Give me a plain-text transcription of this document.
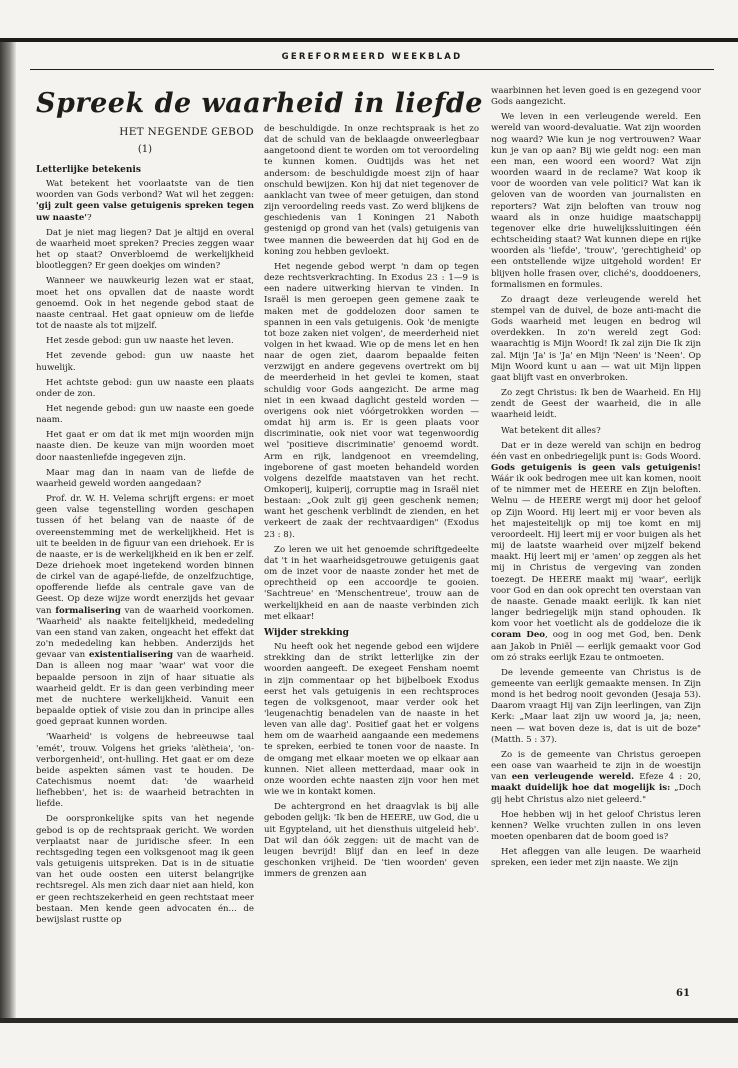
GEREFORMEERD WEEKBLAD
Spreek de waarheid in liefde
HET NEGENDE GEBOD
(1)
Letterlijke betekenis

Wat betekent het voorlaatste van de tien woorden van Gods verbond? Wat wil het zeggen: 'gij zult geen valse getuigenis spreken tegen uw naaste'?

Dat je niet mag liegen? Dat je altijd en overal de waarheid moet spreken? Precies zeggen waar het op staat? Onverbloemd de werkelijkheid blootleggen? Er geen doekjes om winden?

Wanneer we nauwkeurig lezen wat er staat, moet het ons opvallen dat de naaste wordt genoemd. Ook in het negende gebod staat de naaste centraal. Het gaat opnieuw om de liefde tot de naaste als tot mijzelf.

Het zesde gebod: gun uw naaste het leven.

Het zevende gebod: gun uw naaste het huwelijk.

Het achtste gebod: gun uw naaste een plaats onder de zon.

Het negende gebod: gun uw naaste een goede naam.

Het gaat er om dat ik met mijn woorden mijn naaste dien. De keuze van mijn woorden moet door naastenliefde ingegeven zijn.

Maar mag dan in naam van de liefde de waarheid geweld worden aangedaan?

Prof. dr. W. H. Velema schrijft ergens: er moet geen valse tegenstelling worden geschapen tussen óf het belang van de naaste óf de overeenstemming met de werkelijkheid. Het is uit te beelden in de figuur van een driehoek. Er is de naaste, er is de werkelijkheid en ik ben er zelf. Deze driehoek moet ingetekend worden binnen de cirkel van de agapé-liefde, de onzelfzuchtige, opofferende liefde als centrale gave van de Geest. Op deze wijze wordt enerzijds het gevaar van formalisering van de waarheid voorkomen. 'Waarheid' als naakte feitelijkheid, mededeling van een stand van zaken, ongeacht het effekt dat zo'n mededeling kan hebben. Anderzijds het gevaar van existentialisering van de waarheid. Dan is alleen nog maar 'waar' wat voor die bepaalde persoon in zijn of haar situatie als waarheid geldt. Er is dan geen verbinding meer met de nuchtere werkelijkheid. Vanuit een bepaalde optiek of visie zou dan in principe alles goed gepraat kunnen worden.

'Waarheid' is volgens de hebreeuwse taal 'emét', trouw. Volgens het grieks 'alètheia', 'on-verborgenheid', ont-hulling. Het gaat er om deze beide aspekten sámen vast te houden. De Catechismus noemt dat: 'de waarheid liefhebben', het is: de waarheid betrachten in liefde.

De oorspronkelijke spits van het negende gebod is op de rechtspraak gericht. We worden verplaatst naar de juridische sfeer. In een rechtsgeding tegen een volksgenoot mag ik geen vals getuigenis uitspreken. Dat is in de situatie van het oude oosten een uiterst belangrijke rechtsregel. Als men zich daar niet aan hield, kon er geen rechtszekerheid en geen rechtstaat meer bestaan. Men kende geen advocaten én... de bewijslast rustte op

de beschuldigde. In onze rechtspraak is het zo dat de schuld van de beklaagde onweerlegbaar aangetoond dient te worden om tot veroordeling te kunnen komen. Oudtijds was het net andersom: de beschuldigde moest zijn of haar onschuld bewijzen. Kon hij dat niet tegenover de aanklacht van twee of meer getuigen, dan stond zijn veroordeling reeds vast. Zo werd blijkens de geschiedenis van 1 Koningen 21 Naboth gestenigd op grond van het (vals) getuigenis van twee mannen die beweerden dat hij God en de koning zou hebben gevloekt.

Het negende gebod werpt 'n dam op tegen deze rechtsverkrachting. In Exodus 23 : 1—9 is een nadere uitwerking hiervan te vinden. In Israël is men geroepen geen gemene zaak te maken met de goddelozen door samen te spannen in een vals getuigenis. Ook 'de menigte tot boze zaken niet volgen', de meerderheid niet volgen in het kwaad. Wie op de mens let en hen naar de ogen ziet, daarom bepaalde feiten verzwijgt en andere gegevens overtrekt om bij de meerderheid in het gevlei te komen, staat schuldig voor Gods aangezicht. De arme mag niet in een kwaad daglicht gesteld worden — overigens ook niet vóórgetrokken worden — omdat hij arm is. Er is geen plaats voor discriminatie, ook niet voor wat tegenwoordig wel 'positieve discriminatie' genoemd wordt. Arm en rijk, landgenoot en vreemdeling, ingeborene of gast moeten behandeld worden volgens dezelfde maatstaven van het recht. Omkoperij, kuiperij, corruptie mag in Israël niet bestaan: „Ook zult gij geen geschenk nemen; want het geschenk verblindt de zienden, en het verkeert de zaak der rechtvaardigen" (Exodus 23 : 8).

Zo leren we uit het genoemde schriftgedeelte dat 't in het waarheidsgetrouwe getuigenis gaat om de inzet voor de naaste zonder het met de oprechtheid op een accoordje te gooien. 'Sachtreue' en 'Menschentreue', trouw aan de werkelijkheid en aan de naaste verbinden zich met elkaar!

Wijder strekking

Nu heeft ook het negende gebod een wijdere strekking dan de strikt letterlijke zin der woorden aangeeft. De exegeet Fensham noemt in zijn commentaar op het bijbelboek Exodus eerst het vals getuigenis in een rechtsproces tegen de volksgenoot, maar verder ook het 'leugenachtig benadelen van de naaste in het leven van alle dag'. Positief gaat het er volgens hem om de waarheid aangaande een medemens te spreken, eerbied te tonen voor de naaste. In de omgang met elkaar moeten we op elkaar aan kunnen. Niet alleen metterdaad, maar ook in onze woorden echte naasten zijn voor hen met wie we in kontakt komen.

De achtergrond en het draagvlak is bij alle geboden gelijk: 'Ik ben de HEERE, uw God, die u uit Egypteland, uit het diensthuis uitgeleid heb'. Dat wil dan óók zeggen: uit de macht van de leugen bevrijd! Blijf dan en leef in deze geschonken vrijheid. De 'tien woorden' geven immers de grenzen aan

waarbinnen het leven goed is en gezegend voor Gods aangezicht.

We leven in een verleugende wereld. Een wereld van woord-devaluatie. Wat zijn woorden nog waard? Wie kun je nog vertrouwen? Waar kun je van op aan? Bij wie geldt nog: een man een man, een woord een woord? Wat zijn woorden waard in de reclame? Wat koop ik voor de woorden van vele politici? Wat kan ik geloven van de woorden van journalisten en reporters? Wat zijn beloften van trouw nog waard als in onze huidige maatschappij tegenover elke drie huwelijkssluitingen één echtscheiding staat? Wat kunnen diepe en rijke woorden als 'liefde', 'trouw', 'gerechtigheid' op een ontstellende wijze uitgehold worden! Er blijven holle frasen over, cliché's, dooddoeners, formalismen en formules.

Zo draagt deze verleugende wereld het stempel van de duivel, de boze anti-macht die Gods waarheid met leugen en bedrog wil overdekken. In zo'n wereld zegt God: waarachtig is Mijn Woord! Ik zal zijn Die Ik zijn zal. Mijn 'Ja' is 'Ja' en Mijn 'Neen' is 'Neen'. Op Mijn Woord kunt u aan — wat uit Mijn lippen gaat blijft vast en onverbroken.

Zo zegt Christus: Ik ben de Waarheid. En Hij zendt de Geest der waarheid, die in alle waarheid leidt.

Wat betekent dit alles?

Dat er in deze wereld van schijn en bedrog één vast en onbedriegelijk punt is: Gods Woord. Gods getuigenis is geen vals getuigenis! Wáár ik ook bedrogen mee uit kan komen, nooit of te nimmer met de HEERE en Zijn beloften. Welnu — de HEERE wergt mij door het geloof op Zijn Woord. Hij leert mij er voor beven als het majesteitelijk op mij toe komt en mij veroordeelt. Hij leert mij er voor buigen als het mij de laatste waarheid over mijzelf bekend maakt. Hij leert mij er 'amen' op zeggen als het mij in Christus de vergeving van zonden toezegt. De HEERE maakt mij 'waar', eerlijk voor God en dan ook oprecht ten overstaan van de naaste. Genade maakt eerlijk. Ik kan niet langer bedriegelijk mijn stand ophouden. Ik kom voor het voetlicht als de goddeloze die ik coram Deo, oog in oog met God, ben. Denk aan Jakob in Pniël — eerlijk gemaakt voor God om zó straks eerlijk Ezau te ontmoeten.

De levende gemeente van Christus is de gemeente van eerlijk gemaakte mensen. In Zijn mond is het bedrog nooit gevonden (Jesaja 53). Daarom vraagt Hij van Zijn leerlingen, van Zijn Kerk: „Maar laat zijn uw woord ja, ja; neen, neen — wat boven deze is, dat is uit de boze" (Matth. 5 : 37).

Zo is de gemeente van Christus geroepen een oase van waarheid te zijn in de woestijn van een verleugende wereld. Efeze 4 : 20, maakt duidelijk hoe dat mogelijk is: „Doch gij hebt Christus alzo niet geleerd."

Hoe hebben wij in het geloof Christus leren kennen? Welke vruchten zullen in ons leven moeten openbaren dat de boom goed is?

Het afleggen van alle leugen. De waarheid spreken, een ieder met zijn naaste. We zijn

61
